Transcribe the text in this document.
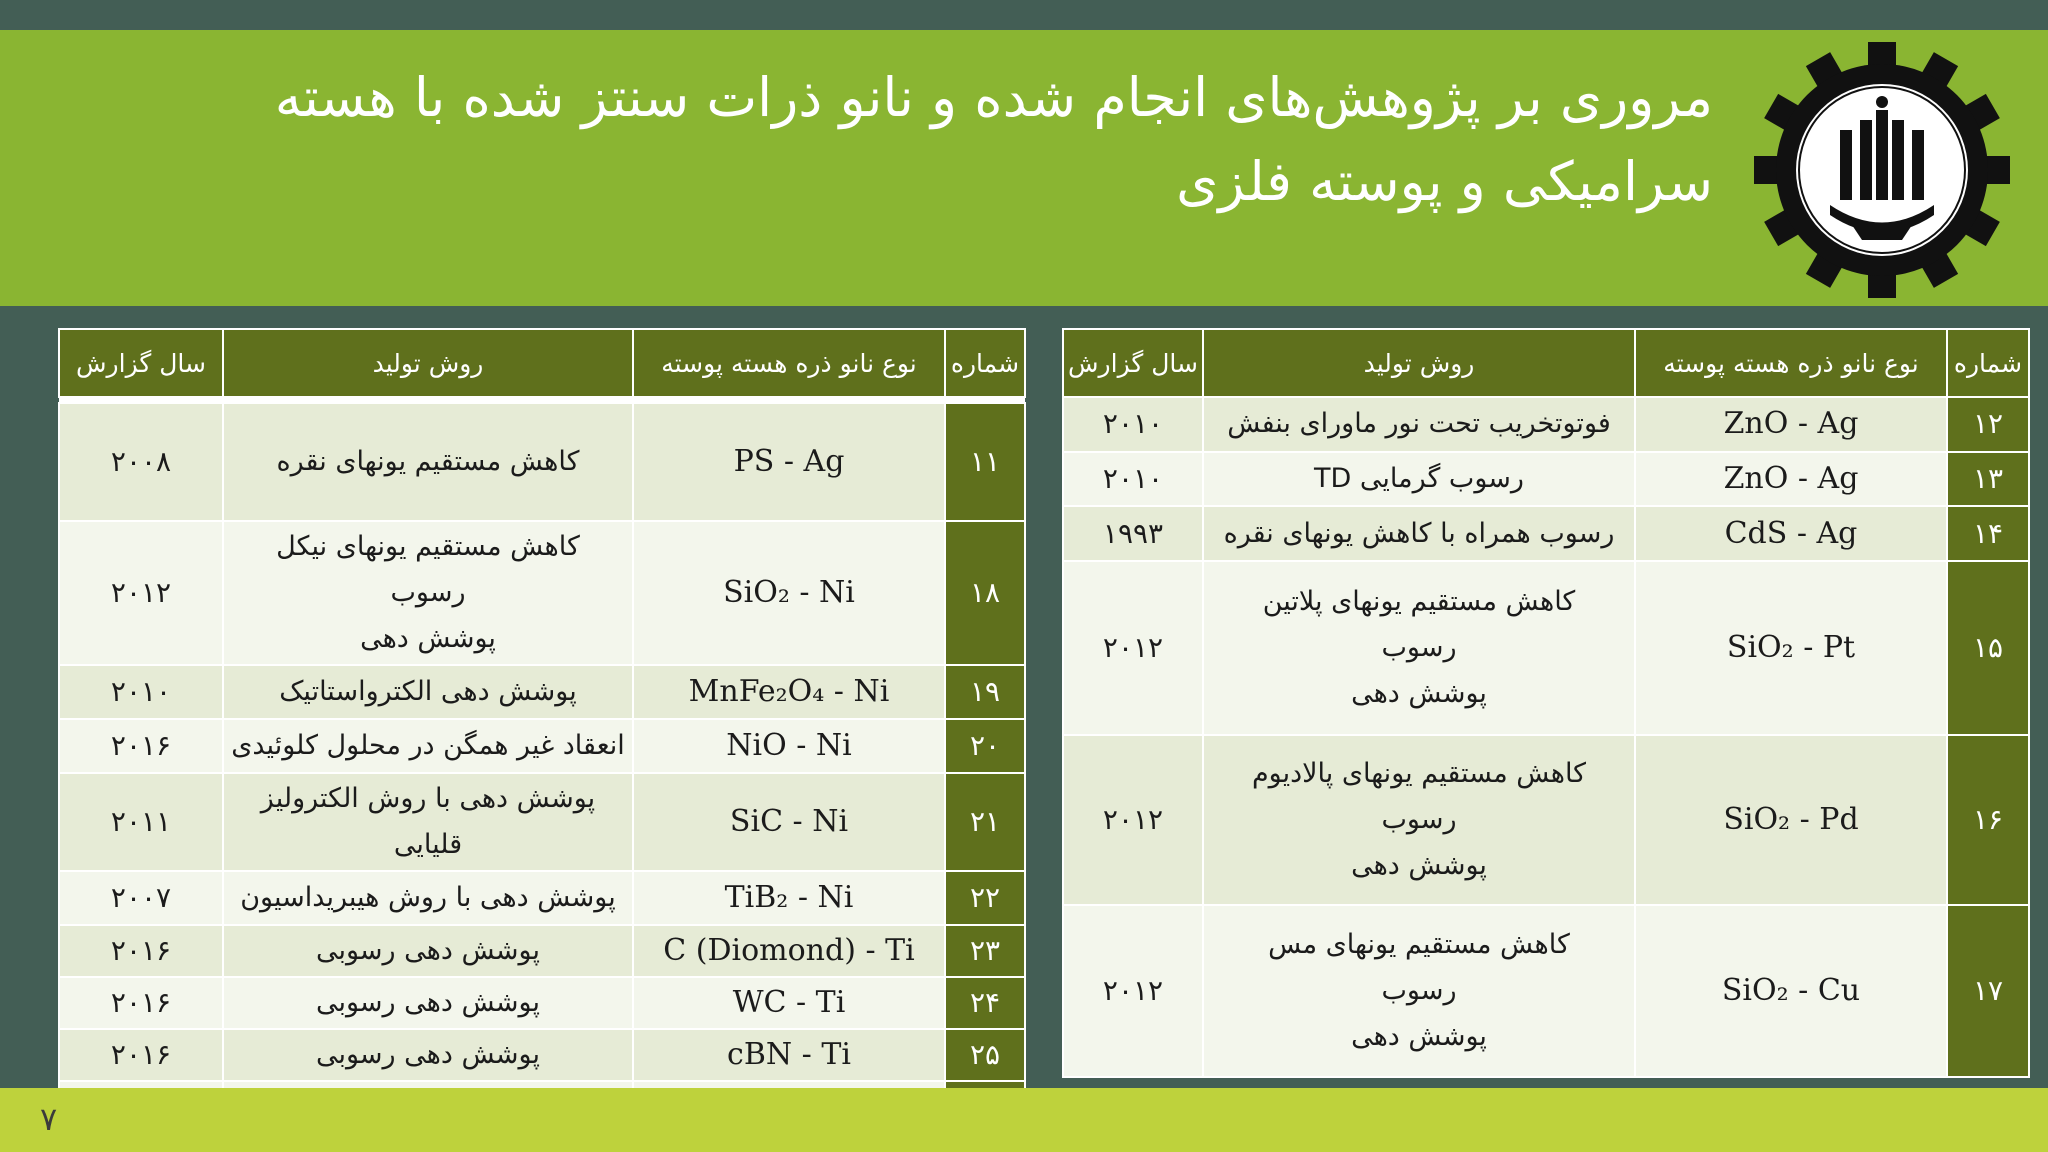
مروری بر پژوهش‌های انجام شده و نانو ذرات سنتز شده با هسته سرامیکی و پوسته فلزی
شماره	نوع نانو ذره هسته پوسته	روش تولید	سال گزارش

۱۱	PS - Ag	کاهش مستقیم یونهای نقره	۲۰۰۸
۱۸	SiO₂ - Ni	کاهش مستقیم یونهای نیکل
رسوب
پوشش دهی	۲۰۱۲
۱۹	MnFe₂O₄ - Ni	پوشش دهی الکترواستاتیک	۲۰۱۰
۲۰	NiO - Ni	انعقاد غیر همگن در محلول کلوئیدی	۲۰۱۶
۲۱	SiC - Ni	پوشش دهی با روش الکترولیز قلیایی	۲۰۱۱
۲۲	TiB₂ - Ni	پوشش دهی با روش هیبریداسیون	۲۰۰۷
۲۳	C (Diomond) - Ti	پوشش دهی رسوبی	۲۰۱۶
۲۴	WC - Ti	پوشش دهی رسوبی	۲۰۱۶
۲۵	cBN - Ti	پوشش دهی رسوبی	۲۰۱۶

شماره	نوع نانو ذره هسته پوسته	روش تولید	سال گزارش
۱۲	ZnO - Ag	فوتوتخریب تحت نور ماورای بنفش	۲۰۱۰
۱۳	ZnO - Ag	رسوب گرمایی TD	۲۰۱۰
۱۴	CdS - Ag	رسوب همراه با کاهش یونهای نقره	۱۹۹۳
۱۵	SiO₂ - Pt	کاهش مستقیم یونهای پلاتین
رسوب
پوشش دهی	۲۰۱۲
۱۶	SiO₂ - Pd	کاهش مستقیم یونهای پالادیوم
رسوب
پوشش دهی	۲۰۱۲
۱۷	SiO₂ - Cu	کاهش مستقیم یونهای مس
رسوب
پوشش دهی	۲۰۱۲
۷
